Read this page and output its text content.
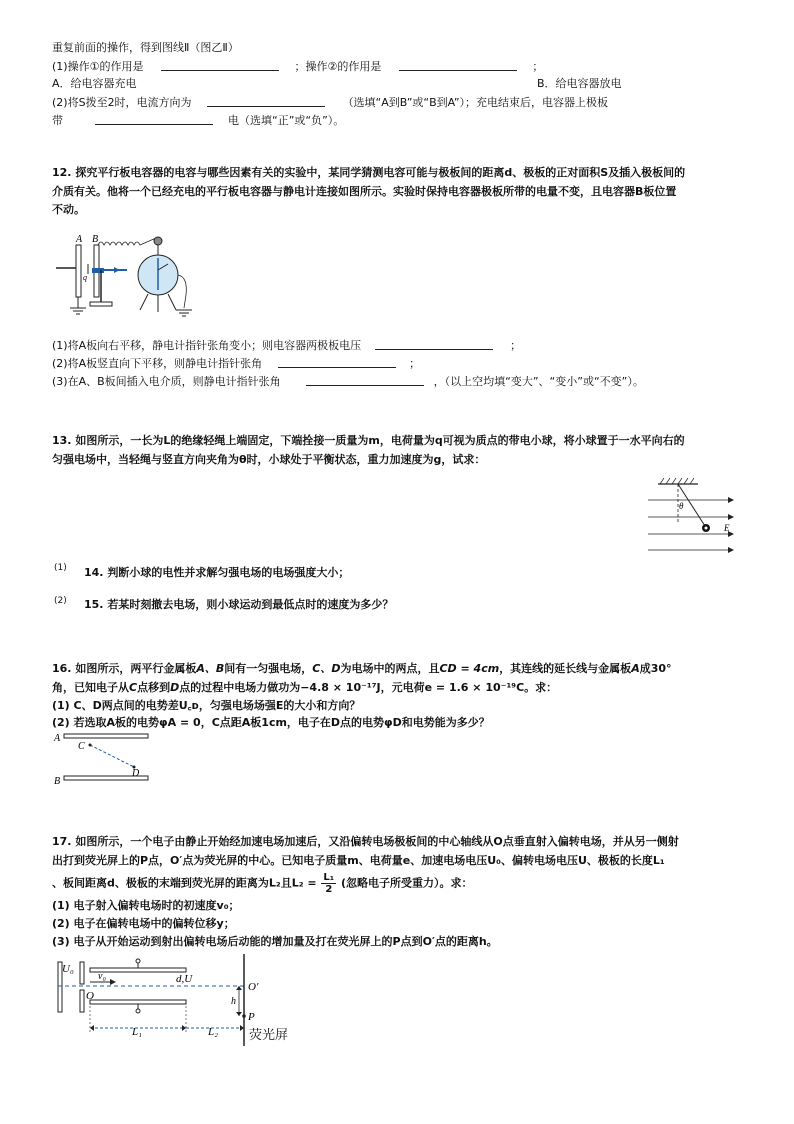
重复前面的操作，得到图线Ⅱ（图乙Ⅱ）
(1)操作①的作用是	；操作②的作用是	；
A．给电容器充电	B．给电容器放电
(2)将S拨至2时，电流方向为	（选填“A到B”或“B到A”）；充电结束后，电容器上极板
带	电（选填“正”或“负”）。
12. 探究平行板电容器的电容与哪些因素有关的实验中，某同学猜测电容可能与极板间的距离d、极板的正对面积S及插入极板间的
介质有关。他将一个已经充电的平行板电容器与静电计连接如图所示。实验时保持电容器极板所带的电量不变，且电容器B板位置
不动。
A B
q
(1)将A板向右平移，静电计指针张角变小；则电容器两极板电压	；
(2)将A板竖直向下平移，则静电计指针张角	；
(3)在A、B板间插入电介质，则静电计指针张角	，（以上空均填“变大”、“变小”或“不变”）。
13. 如图所示，一长为L的绝缘轻绳上端固定，下端拴接一质量为m，电荷量为q可视为质点的带电小球，将小球置于一水平向右的
匀强电场中，当轻绳与竖直方向夹角为θ时，小球处于平衡状态，重力加速度为g，试求：
θ
E
(1) 14. 判断小球的电性并求解匀强电场的电场强度大小；
(2) 15. 若某时刻撤去电场，则小球运动到最低点时的速度为多少？
16. 如图所示，两平行金属板A、B间有一匀强电场，C、D为电场中的两点，且CD = 4cm，其连线的延长线与金属板A成30°
角，已知电子从C点移到D点的过程中电场力做功为−4.8 × 10⁻¹⁷J，元电荷e = 1.6 × 10⁻¹⁹C。求：
(1) C、D两点间的电势差U꜀ᴅ，匀强电场场强E的大小和方向？
(2) 若选取A板的电势φA = 0，C点距A板1cm，电子在D点的电势φD和电势能为多少？
A
B
C
D
17. 如图所示，一个电子由静止开始经加速电场加速后，又沿偏转电场极板间的中心轴线从O点垂直射入偏转电场，并从另一侧射
出打到荧光屏上的P点，O′点为荧光屏的中心。已知电子质量m、电荷量e、加速电场电压U₀、偏转电场电压U、极板的长度L₁
、板间距离d、极板的末端到荧光屏的距离为L₂且$L_2 = \frac{\text{L₁}}{2}$ (忽略电子所受重力）。求：
(1) 电子射入偏转电场时的初速度v₀；
(2) 电子在偏转电场中的偏转位移y；
(3) 电子从开始运动到射出偏转电场后动能的增加量及打在荧光屏上的P点到O′点的距离h。
U₀
v₀	d,U
O
O′
h
P
L₁	L₂ 荧光屏
